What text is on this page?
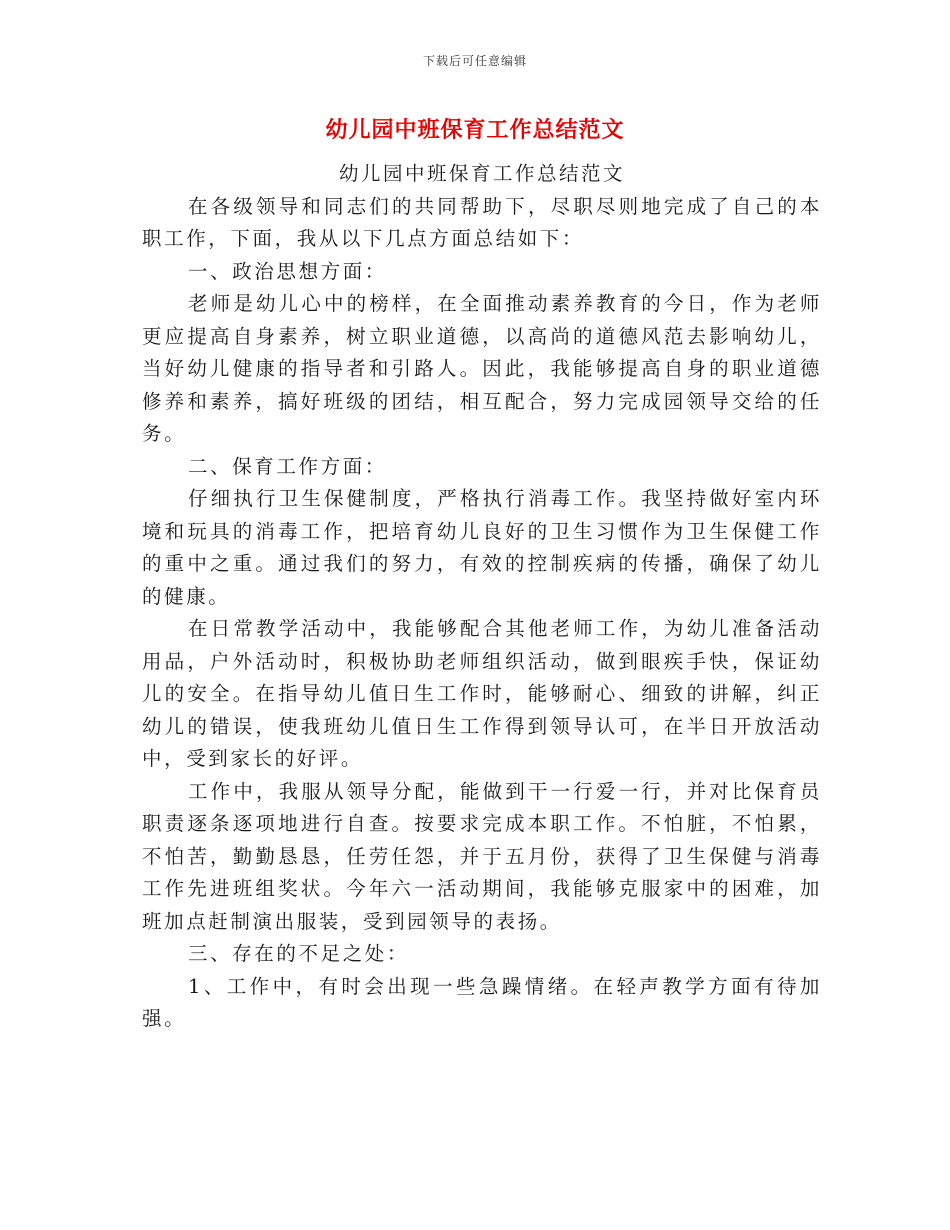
下载后可任意编辑
幼儿园中班保育工作总结范文

幼儿园中班保育工作总结范文

在各级领导和同志们的共同帮助下，尽职尽则地完成了自己的本职工作，下面，我从以下几点方面总结如下：

一、政治思想方面：

老师是幼儿心中的榜样，在全面推动素养教育的今日，作为老师更应提高自身素养，树立职业道德，以高尚的道德风范去影响幼儿，当好幼儿健康的指导者和引路人。因此，我能够提高自身的职业道德修养和素养，搞好班级的团结，相互配合，努力完成园领导交给的任务。

二、保育工作方面：

仔细执行卫生保健制度，严格执行消毒工作。我坚持做好室内环境和玩具的消毒工作，把培育幼儿良好的卫生习惯作为卫生保健工作的重中之重。通过我们的努力，有效的控制疾病的传播，确保了幼儿的健康。

在日常教学活动中，我能够配合其他老师工作，为幼儿准备活动用品，户外活动时，积极协助老师组织活动，做到眼疾手快，保证幼儿的安全。在指导幼儿值日生工作时，能够耐心、细致的讲解，纠正幼儿的错误，使我班幼儿值日生工作得到领导认可，在半日开放活动中，受到家长的好评。

工作中，我服从领导分配，能做到干一行爱一行，并对比保育员职责逐条逐项地进行自查。按要求完成本职工作。不怕脏，不怕累，不怕苦，勤勤恳恳，任劳任怨，并于五月份，获得了卫生保健与消毒工作先进班组奖状。今年六一活动期间，我能够克服家中的困难，加班加点赶制演出服装，受到园领导的表扬。

三、存在的不足之处：

1、工作中，有时会出现一些急躁情绪。在轻声教学方面有待加强。
